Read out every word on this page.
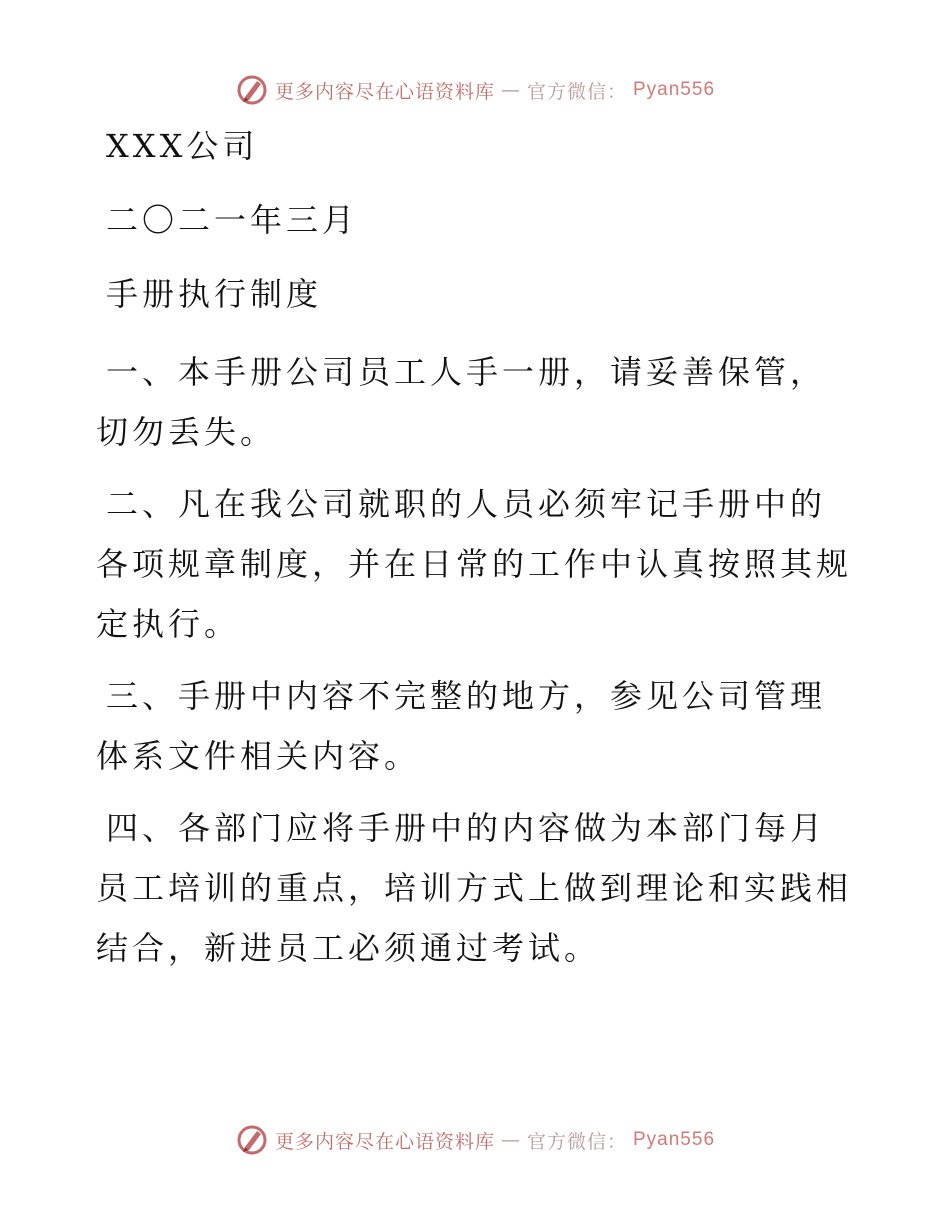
更多内容尽在心语资料库 — 官方微信： Pyan556

XXX公司

二〇二一年三月

手册执行制度

一、本手册公司员工人手一册，请妥善保管，切勿丢失。

二、凡在我公司就职的人员必须牢记手册中的各项规章制度，并在日常的工作中认真按照其规定执行。

三、手册中内容不完整的地方，参见公司管理体系文件相关内容。

四、各部门应将手册中的内容做为本部门每月员工培训的重点，培训方式上做到理论和实践相结合，新进员工必须通过考试。

更多内容尽在心语资料库 — 官方微信： Pyan556
